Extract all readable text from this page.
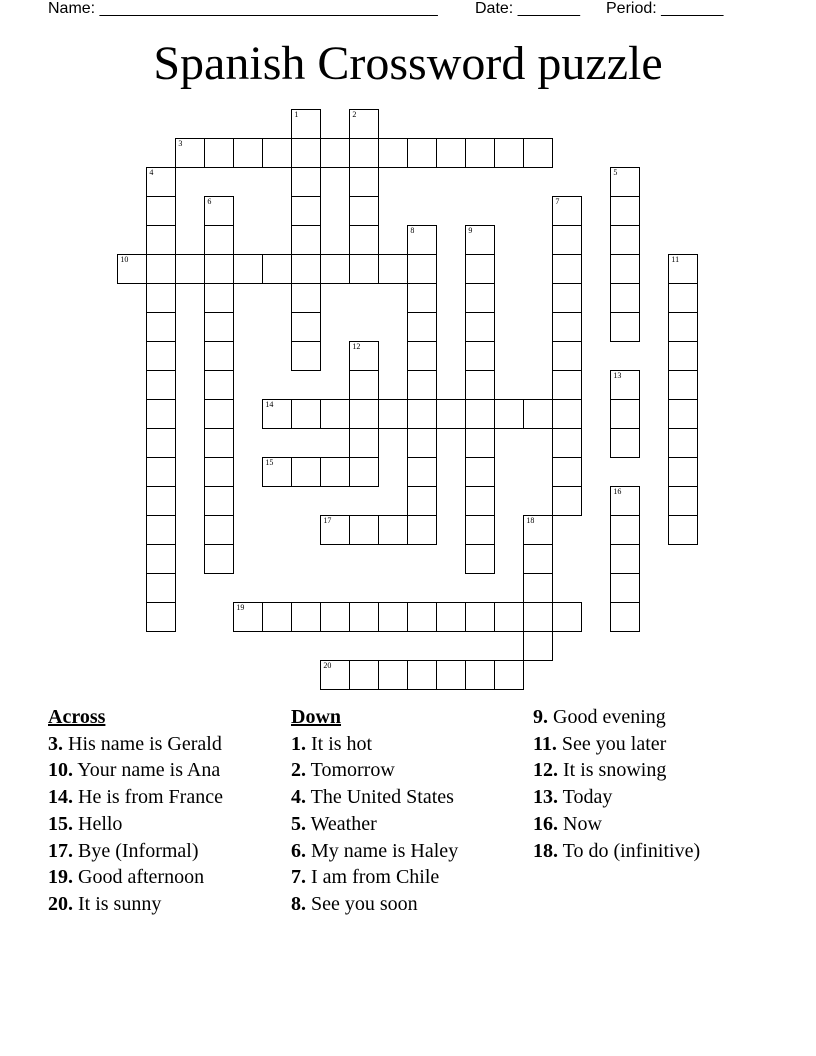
Name: ______________________________________ Date: _______ Period: _______
Spanish Crossword puzzle
3
10
14
15
17
19
20
1	2
4	5
6	7
8	9
11
12
13
16
18
Across
3. His name is Gerald
10. Your name is Ana
14. He is from France
15. Hello
17. Bye (Informal)
19. Good afternoon
20. It is sunny
Down
1. It is hot
2. Tomorrow
4. The United States
5. Weather
6. My name is Haley
7. I am from Chile
8. See you soon
9. Good evening
11. See you later
12. It is snowing
13. Today
16. Now
18. To do (infinitive)
